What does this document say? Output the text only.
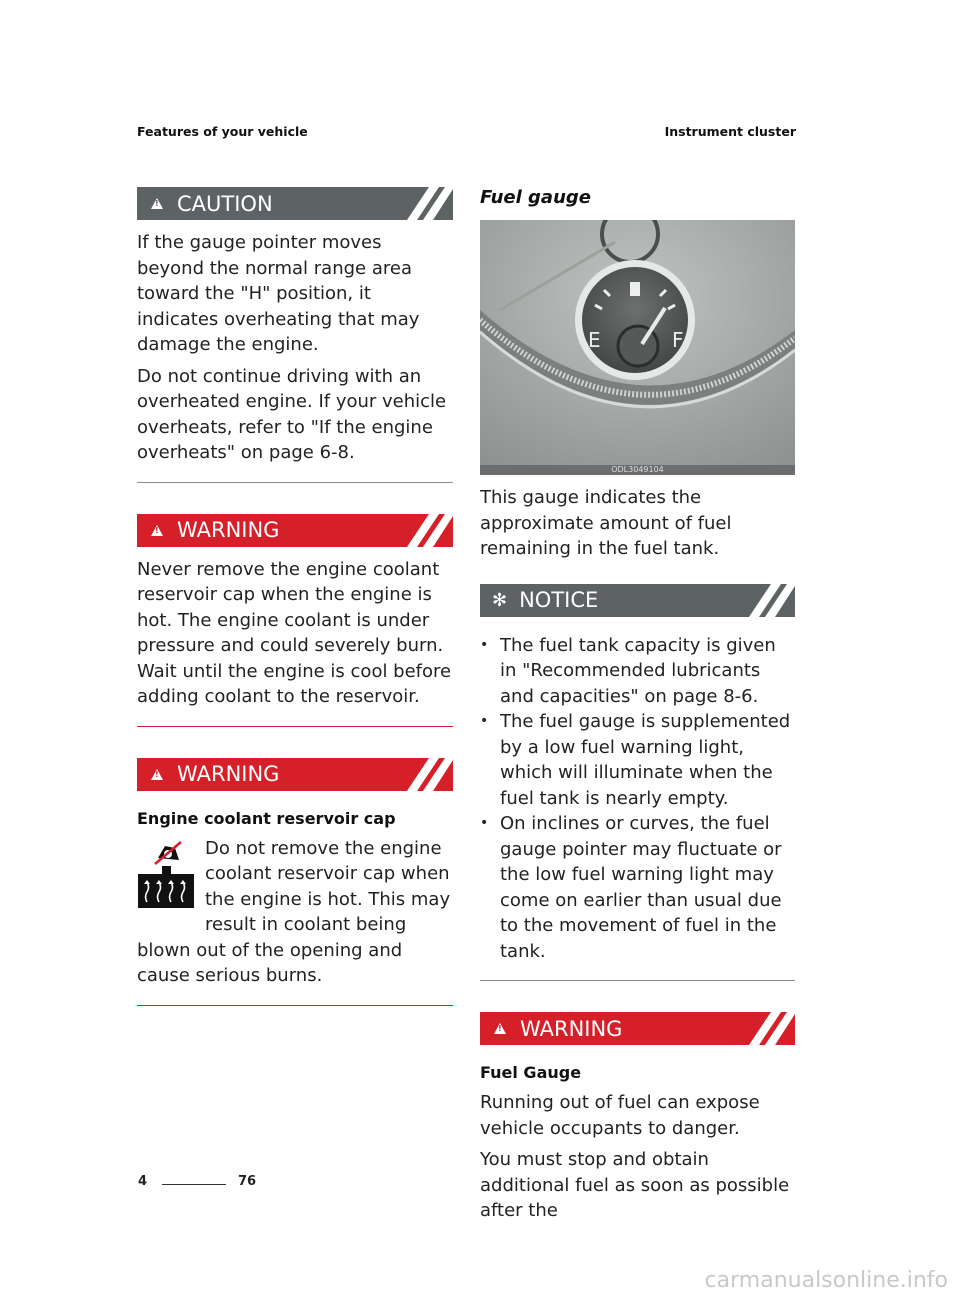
Features of your vehicle	Instrument cluster
!
CAUTION

If the gauge pointer moves beyond the normal range area toward the "H" position, it indicates overheating that may damage the engine.

Do not continue driving with an overheated engine. If your vehicle overheats, refer to "If the engine overheats" on page 6-8.

!
WARNING

Never remove the engine coolant reservoir cap when the engine is hot. The engine coolant is under pressure and could severely burn. Wait until the engine is cool before adding coolant to the reservoir.

!
WARNING
Engine coolant reservoir cap

Do not remove the engine coolant reservoir cap when the engine is hot. This may result in coolant being blown out of the opening and cause serious burns.

Fuel gauge
E	F
ODL3049104

This gauge indicates the approximate amount of fuel remaining in the fuel tank.

✻ NOTICE
• The fuel tank capacity is given in "Recommended lubricants and capacities" on page 8-6.
• The fuel gauge is supplemented by a low fuel warning light, which will illuminate when the fuel tank is nearly empty.
• On inclines or curves, the fuel gauge pointer may fluctuate or the low fuel warning light may come on earlier than usual due to the movement of fuel in the tank.
!
WARNING
Fuel Gauge

Running out of fuel can expose vehicle occupants to danger.

You must stop and obtain additional fuel as soon as possible after the

4	76
carmanualsonline.info
